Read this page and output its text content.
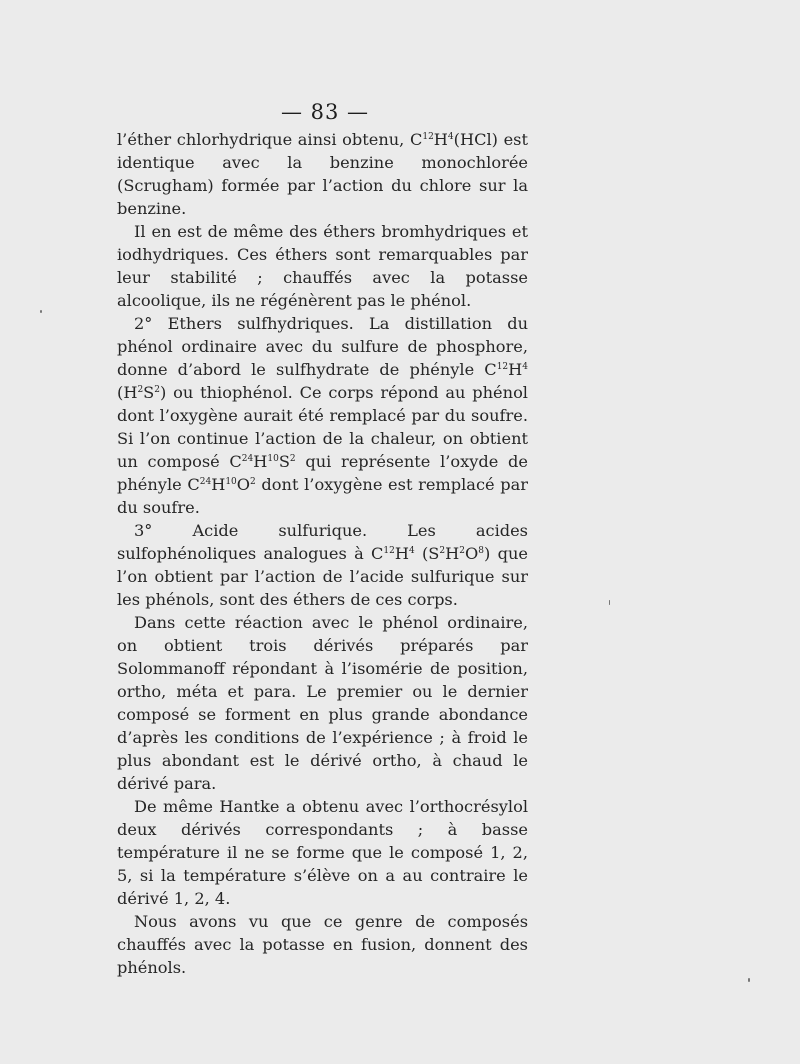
— 83 —

l’éther chlorhydrique ainsi obtenu, $C^{12}H^4(HCl)$ est identique avec la benzine monochlorée (Scrugham) formée par l’action du chlore sur la benzine.

Il en est de même des éthers bromhydriques et iodhydriques. Ces éthers sont remarquables par leur stabilité ; chauffés avec la potasse alcoolique, ils ne régénèrent pas le phénol.

2° Ethers sulfhydriques. La distillation du phénol ordinaire avec du sulfure de phosphore, donne d’abord le sulfhydrate de phényle $C^{12}H^4$ $(H^2S^2)$ ou thiophénol. Ce corps répond au phénol dont l’oxygène aurait été remplacé par du soufre. Si l’on continue l’action de la chaleur, on obtient un composé $C^{24}H^{10}S^2$ qui représente l’oxyde de phényle $C^{24}H^{10}O^2$ dont l’oxygène est remplacé par du soufre.

3° Acide sulfurique. Les acides sulfophénoliques analogues à $C^{12}H^4$ $(S^2H^2O^8)$ que l’on obtient par l’action de l’acide sulfurique sur les phénols, sont des éthers de ces corps.

Dans cette réaction avec le phénol ordinaire, on obtient trois dérivés préparés par Solommanoff répondant à l’isomérie de position, ortho, méta et para. Le premier ou le dernier composé se forment en plus grande abondance d’après les conditions de l’expérience ; à froid le plus abondant est le dérivé ortho, à chaud le dérivé para.

De même Hantke a obtenu avec l’orthocrésylol deux dérivés correspondants ; à basse température il ne se forme que le composé 1, 2, 5, si la température s’élève on a au contraire le dérivé 1, 2, 4.

Nous avons vu que ce genre de composés chauffés avec la potasse en fusion, donnent des phénols.
